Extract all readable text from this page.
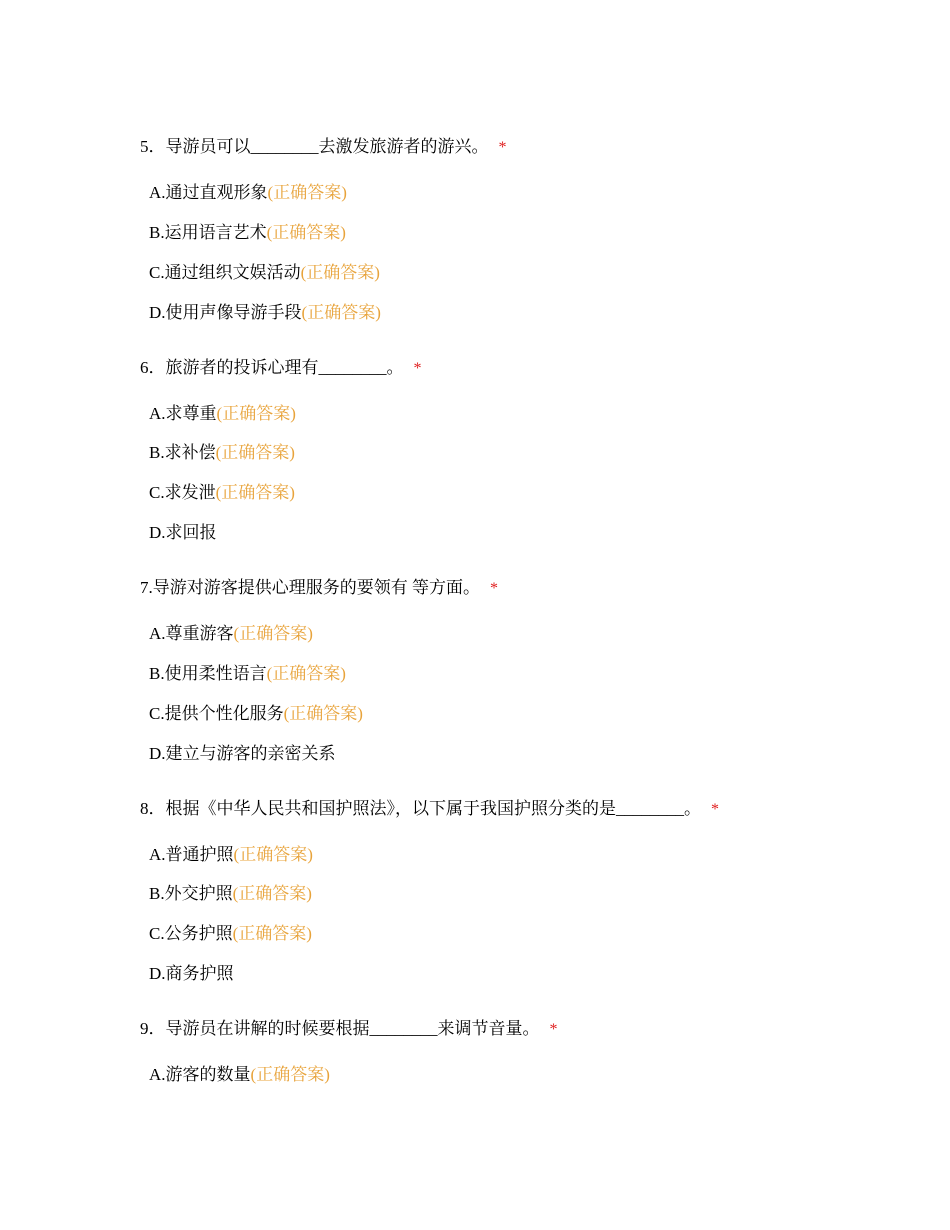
5．导游员可以________去激发旅游者的游兴。 *
A.通过直观形象(正确答案)
B.运用语言艺术(正确答案)
C.通过组织文娱活动(正确答案)
D.使用声像导游手段(正确答案)
6．旅游者的投诉心理有________。 *
A.求尊重(正确答案)
B.求补偿(正确答案)
C.求发泄(正确答案)
D.求回报
7.导游对游客提供心理服务的要领有 等方面。 *
A.尊重游客(正确答案)
B.使用柔性语言(正确答案)
C.提供个性化服务(正确答案)
D.建立与游客的亲密关系
8．根据《中华人民共和国护照法》，以下属于我国护照分类的是________。 *
A.普通护照(正确答案)
B.外交护照(正确答案)
C.公务护照(正确答案)
D.商务护照
9．导游员在讲解的时候要根据________来调节音量。 *
A.游客的数量(正确答案)
